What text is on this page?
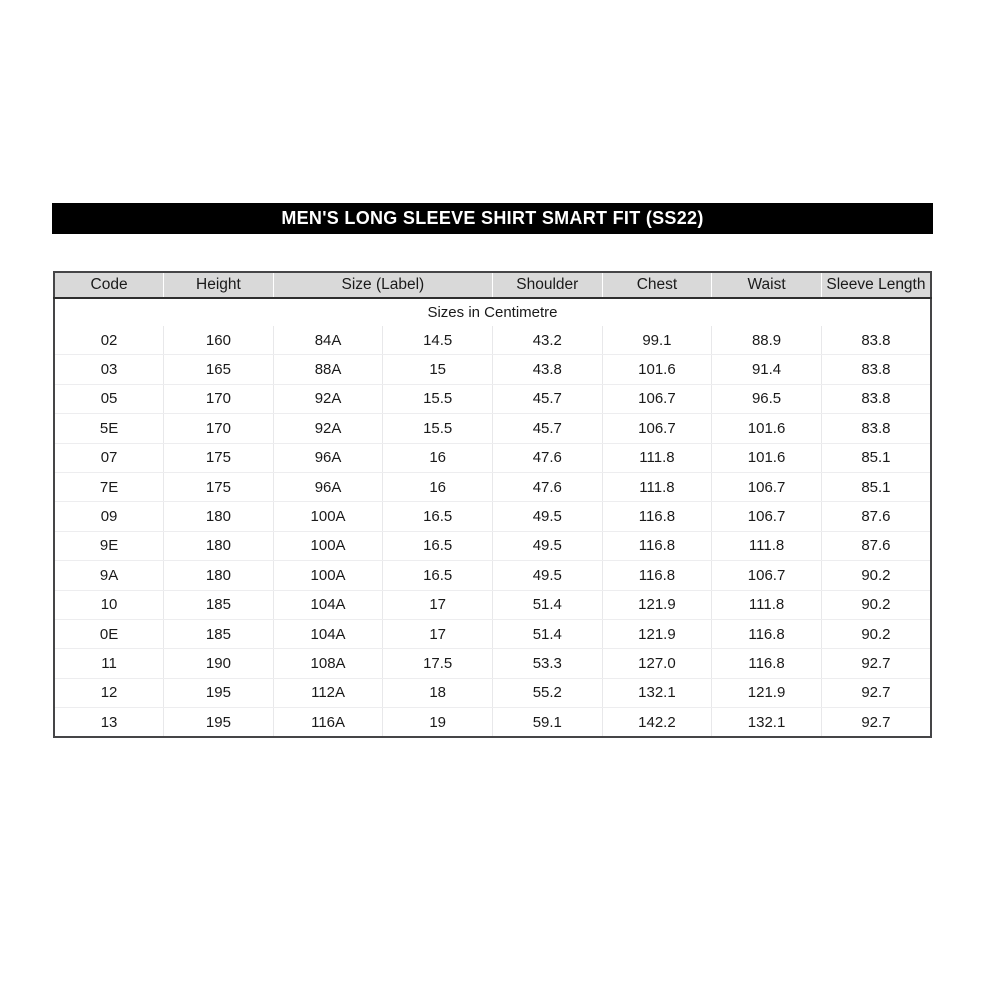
MEN'S LONG SLEEVE SHIRT SMART FIT (SS22)
Sizes in Centimetre							
Code	Height	Size (Label)		Shoulder	Chest	Waist	Sleeve Length
02	160	84A	14.5	43.2	99.1	88.9	83.8
03	165	88A	15	43.8	101.6	91.4	83.8
05	170	92A	15.5	45.7	106.7	96.5	83.8
5E	170	92A	15.5	45.7	106.7	101.6	83.8
07	175	96A	16	47.6	111.8	101.6	85.1
7E	175	96A	16	47.6	111.8	106.7	85.1
09	180	100A	16.5	49.5	116.8	106.7	87.6
9E	180	100A	16.5	49.5	116.8	111.8	87.6
9A	180	100A	16.5	49.5	116.8	106.7	90.2
10	185	104A	17	51.4	121.9	111.8	90.2
0E	185	104A	17	51.4	121.9	116.8	90.2
11	190	108A	17.5	53.3	127.0	116.8	92.7
12	195	112A	18	55.2	132.1	121.9	92.7
13	195	116A	19	59.1	142.2	132.1	92.7
